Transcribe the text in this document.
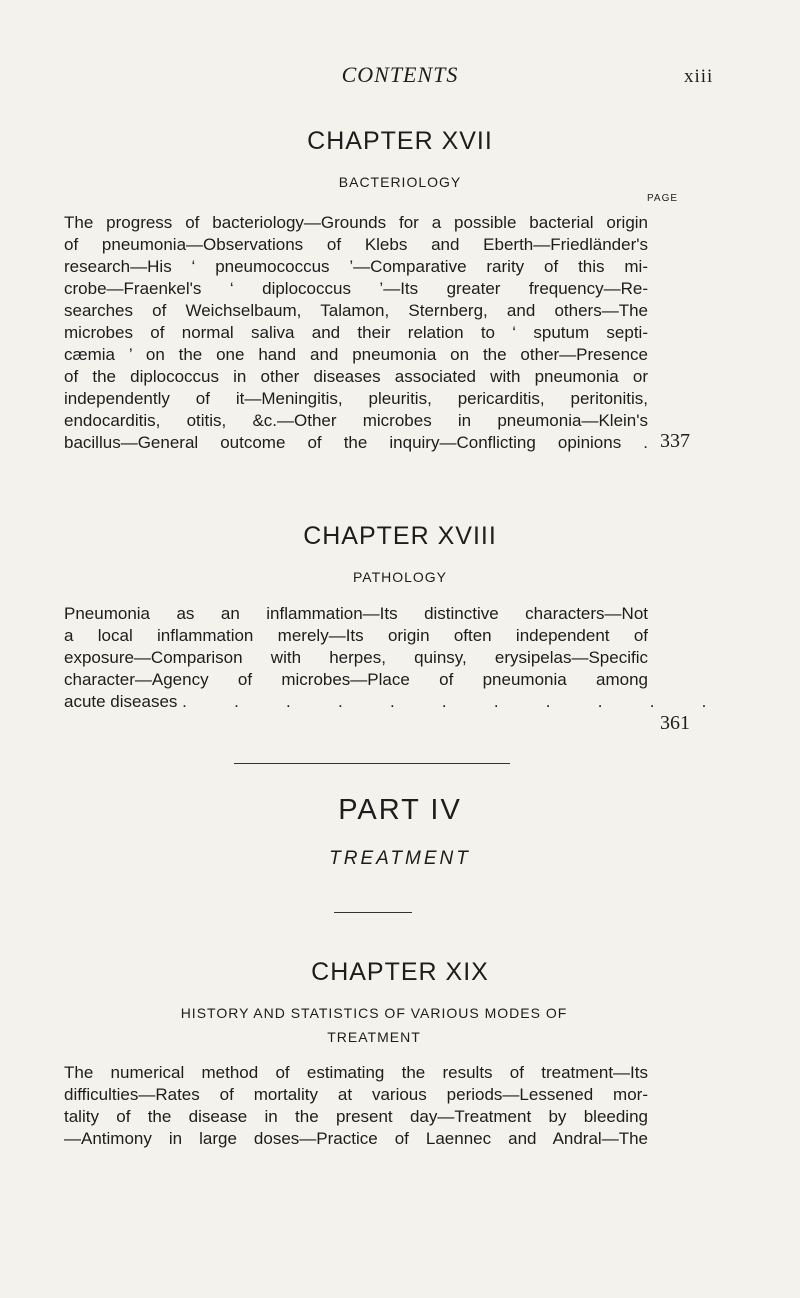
CONTENTS	xiii
CHAPTER XVII
BACTERIOLOGY
PAGE
The progress of bacteriology—Grounds for a possible bacterial origin
of pneumonia—Observations of Klebs and Eberth—Friedländer's
research—His ‘ pneumococcus ’—Comparative rarity of this mi-
crobe—Fraenkel's ‘ diplococcus ’—Its greater frequency—Re-
searches of Weichselbaum, Talamon, Sternberg, and others—The
microbes of normal saliva and their relation to ‘ sputum septi-
cæmia ’ on the one hand and pneumonia on the other—Presence
of the diplococcus in other diseases associated with pneumonia or
independently of it—Meningitis, pleuritis, pericarditis, peritonitis,
endocarditis, otitis, &c.—Other microbes in pneumonia—Klein's
bacillus—General outcome of the inquiry—Conflicting opinions . 337
CHAPTER XVIII
PATHOLOGY
Pneumonia as an inflammation—Its distinctive characters—Not
a local inflammation merely—Its origin often independent of
exposure—Comparison with herpes, quinsy, erysipelas—Specific
character—Agency of microbes—Place of pneumonia among
acute diseases .          .          .          .          .          .          .          .          .          .          .
361
PART IV
TREATMENT
CHAPTER XIX
HISTORY AND STATISTICS OF VARIOUS MODES OF
TREATMENT
The numerical method of estimating the results of treatment—Its
difficulties—Rates of mortality at various periods—Lessened mor-
tality of the disease in the present day—Treatment by bleeding
—Antimony in large doses—Practice of Laennec and Andral—The
